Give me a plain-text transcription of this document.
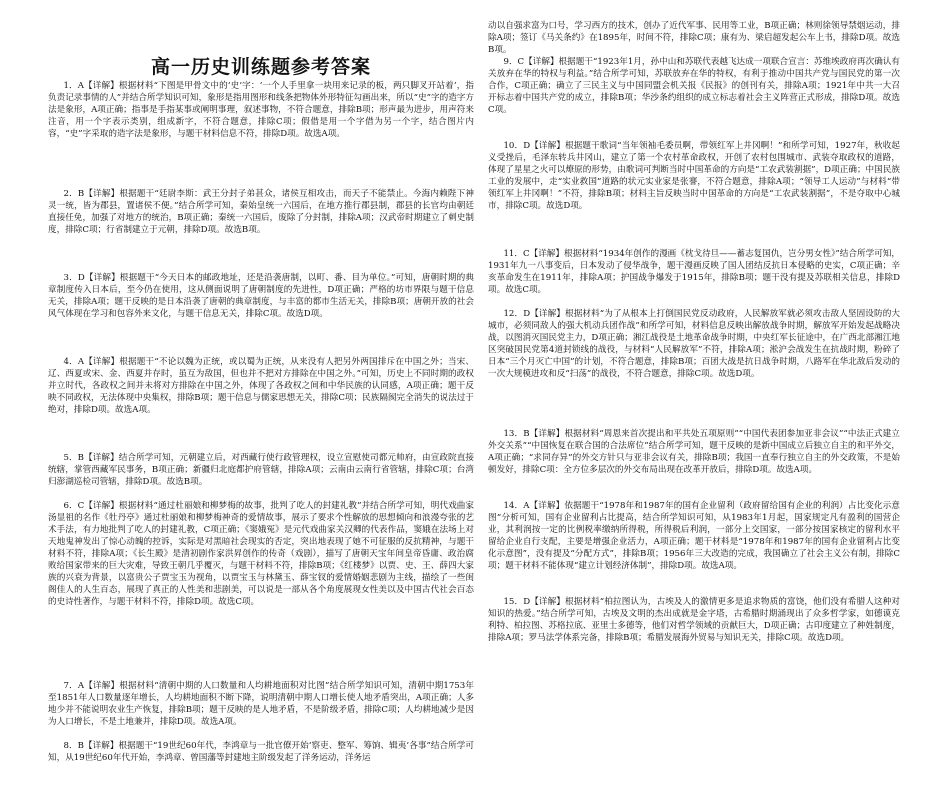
高一历史训练题参考答案

1．A【详解】根据材料“下图是甲骨文中的‘史’字：‘一个人手里拿一块用来记录的板，两只脚叉开站着’，指负责记录事情的人”并结合所学知识可知，象形是指用图形和线条把物体外形特征勾画出来，所以“史”字的造字方法是象形，A项正确；指事是手指某事或阐明事理，叙述事物，不符合题意，排除B项；形声最为进步，用声符来注音，用一个字表示类别，组成新字，不符合题意，排除C项；假借是用一个字借为另一个字，结合图片内容，“史”字采取的造字法是象形，与题干材料信息不符，排除D项。故选A项。

2．B【详解】根据题干“廷尉李斯：武王分封子弟甚众，诸侯互相攻击，而天子不能禁止。今海内赖陛下神灵一统，皆为郡县，置诸侯不便。”结合所学可知，秦始皇统一六国后，在地方推行郡县制，郡县的长官均由朝廷直接任免，加强了对地方的统治，B项正确；秦统一六国后，废除了分封制，排除A项；汉武帝时期建立了刺史制度，排除C项；行省制建立于元朝，排除D项。故选B项。

3．D【详解】根据题干“今天日本的邮政地址，还是沿袭唐制，以町、番、目为单位。”可知，唐朝时期的典章制度传入日本后，至今仍在使用，这从侧面说明了唐朝制度的先进性，D项正确；严格的坊市界限与题干信息无关，排除A项；题干反映的是日本沿袭了唐朝的典章制度，与丰富的都市生活无关，排除B项；唐朝开放的社会风气体现在学习和包容外来文化，与题干信息无关，排除C项。故选D项。

4．A【详解】根据题干“不论以魏为正统，或以蜀为正统，从来没有人把另外两国排斥在中国之外；当宋、辽、西夏或宋、金、西夏并存时，虽互为敌国，但也并不把对方排除在中国之外。”可知，历史上不同时期的政权并立时代，各政权之间并未将对方排除在中国之外，体现了各政权之间和中华民族的认同感，A项正确；题干反映不同政权，无法体现中央集权，排除B项；题干信息与儒家思想无关，排除C项；民族隔阂完全消失的说法过于绝对，排除D项。故选A项。

5．B【详解】结合所学可知，元朝建立后，对西藏行使行政管理权，设立宣慰使司都元帅府，由宣政院直接统辖，掌管西藏军民事务，B项正确；新疆归北庭都护府管辖，排除A项；云南由云南行省管辖，排除C项；台湾归澎湖巡检司管辖，排除D项。故选B项。

6．C【详解】根据材料“通过杜丽娘和柳梦梅的故事，批判了吃人的封建礼教”并结合所学可知，明代戏曲家汤显祖的名作《牡丹亭》通过杜丽娘和柳梦梅神奇的爱情故事，展示了要求个性解放的思想倾向和浪漫夸张的艺术手法，有力地批判了吃人的封建礼教，C项正确；《窦娥冤》是元代戏曲家关汉卿的代表作品，窦娥在法场上对天地鬼神发出了惊心动魄的控诉，实际是对黑暗社会现实的否定，突出地表现了她不可征服的反抗精神，与题干材料不符，排除A项；《长生殿》是清初剧作家洪昇创作的传奇（戏剧），描写了唐朝天宝年间皇帝昏庸、政治腐败给国家带来的巨大灾难，导致王朝几乎覆灭，与题干材料不符，排除B项；《红楼梦》以贾、史、王、薛四大家族的兴衰为背景，以富贵公子贾宝玉为视角，以贾宝玉与林黛玉、薛宝钗的爱情婚姻悲剧为主线，描绘了一些闺阁佳人的人生百态，展现了真正的人性美和悲剧美，可以说是一部从各个角度展现女性美以及中国古代社会百态的史诗性著作，与题干材料不符，排除D项。故选C项。

7．A【详解】根据材料“清朝中期的人口数量和人均耕地面积对比图”结合所学知识可知，清朝中期1753年至1851年人口数量逐年增长，人均耕地面积不断下降，说明清朝中期人口增长使人地矛盾突出，A项正确；人多地少并不能说明农业生产恢复，排除B项；题干反映的是人地矛盾，不是阶级矛盾，排除C项；人均耕地减少是因为人口增长，不是土地兼并，排除D项。故选A项。

8．B【详解】根据题干“19世纪60年代，李鸿章与一批官僚开始‘察吏、整军、筹饷、辑夷’各事”结合所学可知，从19世纪60年代开始，李鸿章、曾国藩等封建地主阶级发起了洋务运动，洋务运

动以自强求富为口号，学习西方的技术，创办了近代军事、民用等工业，B项正确；林则徐领导禁烟运动，排除A项；签订《马关条约》在1895年，时间不符，排除C项；康有为、梁启超发起公车上书，排除D项。故选B项。

9．C【详解】根据题干“1923年1月，孙中山和苏联代表越飞达成一项联合宣言：苏维埃政府再次确认有关放弃在华的特权与利益。”结合所学可知，苏联放弃在华的特权，有利于推动中国共产党与国民党的第一次合作，C项正确；确立了三民主义与中国同盟会机关报《民报》的创刊有关，排除A项；1921年中共一大召开标志着中国共产党的成立，排除B项；华沙条约组织的成立标志着社会主义阵营正式形成，排除D项。故选C项。

10．D【详解】根据题干歌词“当年领袖毛委员啊，带领红军上井冈啊！”和所学可知，1927年，秋收起义受挫后，毛泽东转兵井冈山，建立了第一个农村革命政权，开创了农村包围城市、武装夺取政权的道路，体现了星星之火可以燎原的形势，由歌词可判断当时中国革命的方向是“工农武装割据”，D项正确；中国民族工业的发展中，走“实业救国”道路的状元实业家是张謇，不符合题意，排除A项；“领导工人运动”与材料“带领红军上井冈啊！”不符，排除B项；材料主旨反映当时中国革命的方向是“工农武装割据”，不是夺取中心城市，排除C项。故选D项。

11．C【详解】根据材料“1934年创作的漫画《枕戈待旦——蓄志复国仇，岂分男女性》”结合所学可知，1931年九一八事变后，日本发动了侵华战争，题干漫画反映了国人团结反抗日本侵略的史实，C项正确；辛亥革命发生在1911年，排除A项；护国战争爆发于1915年，排除B项；题干没有提及苏联相关信息，排除D项。故选C项。

12．D【详解】根据材料“为了从根本上打倒国民党反动政府，人民解放军就必须攻击敌人坚固设防的大城市，必须同敌人的强大机动兵团作战”和所学可知，材料信息反映出解放战争时期，解放军开始发起战略决战，以图消灭国民党主力，D项正确；湘江战役是土地革命战争时期，中央红军长征途中，在广西北部湘江地区突破国民党第4道封锁线的战役，与材料“人民解放军”不符，排除A项；淞沪会战发生在抗战时期，粉碎了日本“三个月灭亡中国”的计划，不符合题意，排除B项；百团大战是抗日战争时期，八路军在华北敌后发动的一次大规模进攻和反“扫荡”的战役，不符合题意，排除C项。故选D项。

13．B【详解】根据材料“周恩来首次提出和平共处五项原则”“中国代表团参加亚非会议”“中法正式建立外交关系”“中国恢复在联合国的合法席位”结合所学可知，题干反映的是新中国成立后独立自主的和平外交，A项正确；“求同存异”的外交方针只与亚非会议有关，排除B项；我国一直奉行独立自主的外交政策，不是始顿发好，排除C项：全方位多层次的外交布局出现在改革开放后，排除D项。故选A项。

14．A【详解】依据题干“1978年和1987年的国有企业留利（政府留给国有企业的利润）占比变化示意图”分析可知，国有企业留利占比提高，结合所学知识可知，从1983年1月起，国家规定凡有盈利的国营企业，其利润按一定的比例税率缴纳所得税，所得税后利润，一部分上交国家，一部分按国家核定的留利水平留给企业自行支配，主要是增强企业活力，A项正确；题干材料是“1978年和1987年的国有企业留利占比变化示意图”，没有提及“分配方式”，排除B项；1956年三大改造的完成，我国确立了社会主义公有制，排除C项；题干材料不能体现“建立计划经济体制”，排除D项。故选A项。

15．D【详解】根据材料“柏拉图认为，古埃及人的激情更多是追求物质的富饶，他们没有希腊人这种对知识的热爱。”结合所学可知，古埃及文明的杰出成就是金字塔，古希腊时期涌现出了众多哲学家，如德谟克利特、柏拉图、苏格拉底、亚里士多德等，他们对哲学领域的贡献巨大，D项正确；古印度建立了种姓制度，排除A项；罗马法学体系完备，排除B项；希腊发展海外贸易与知识无关，排除C项。故选D项。
